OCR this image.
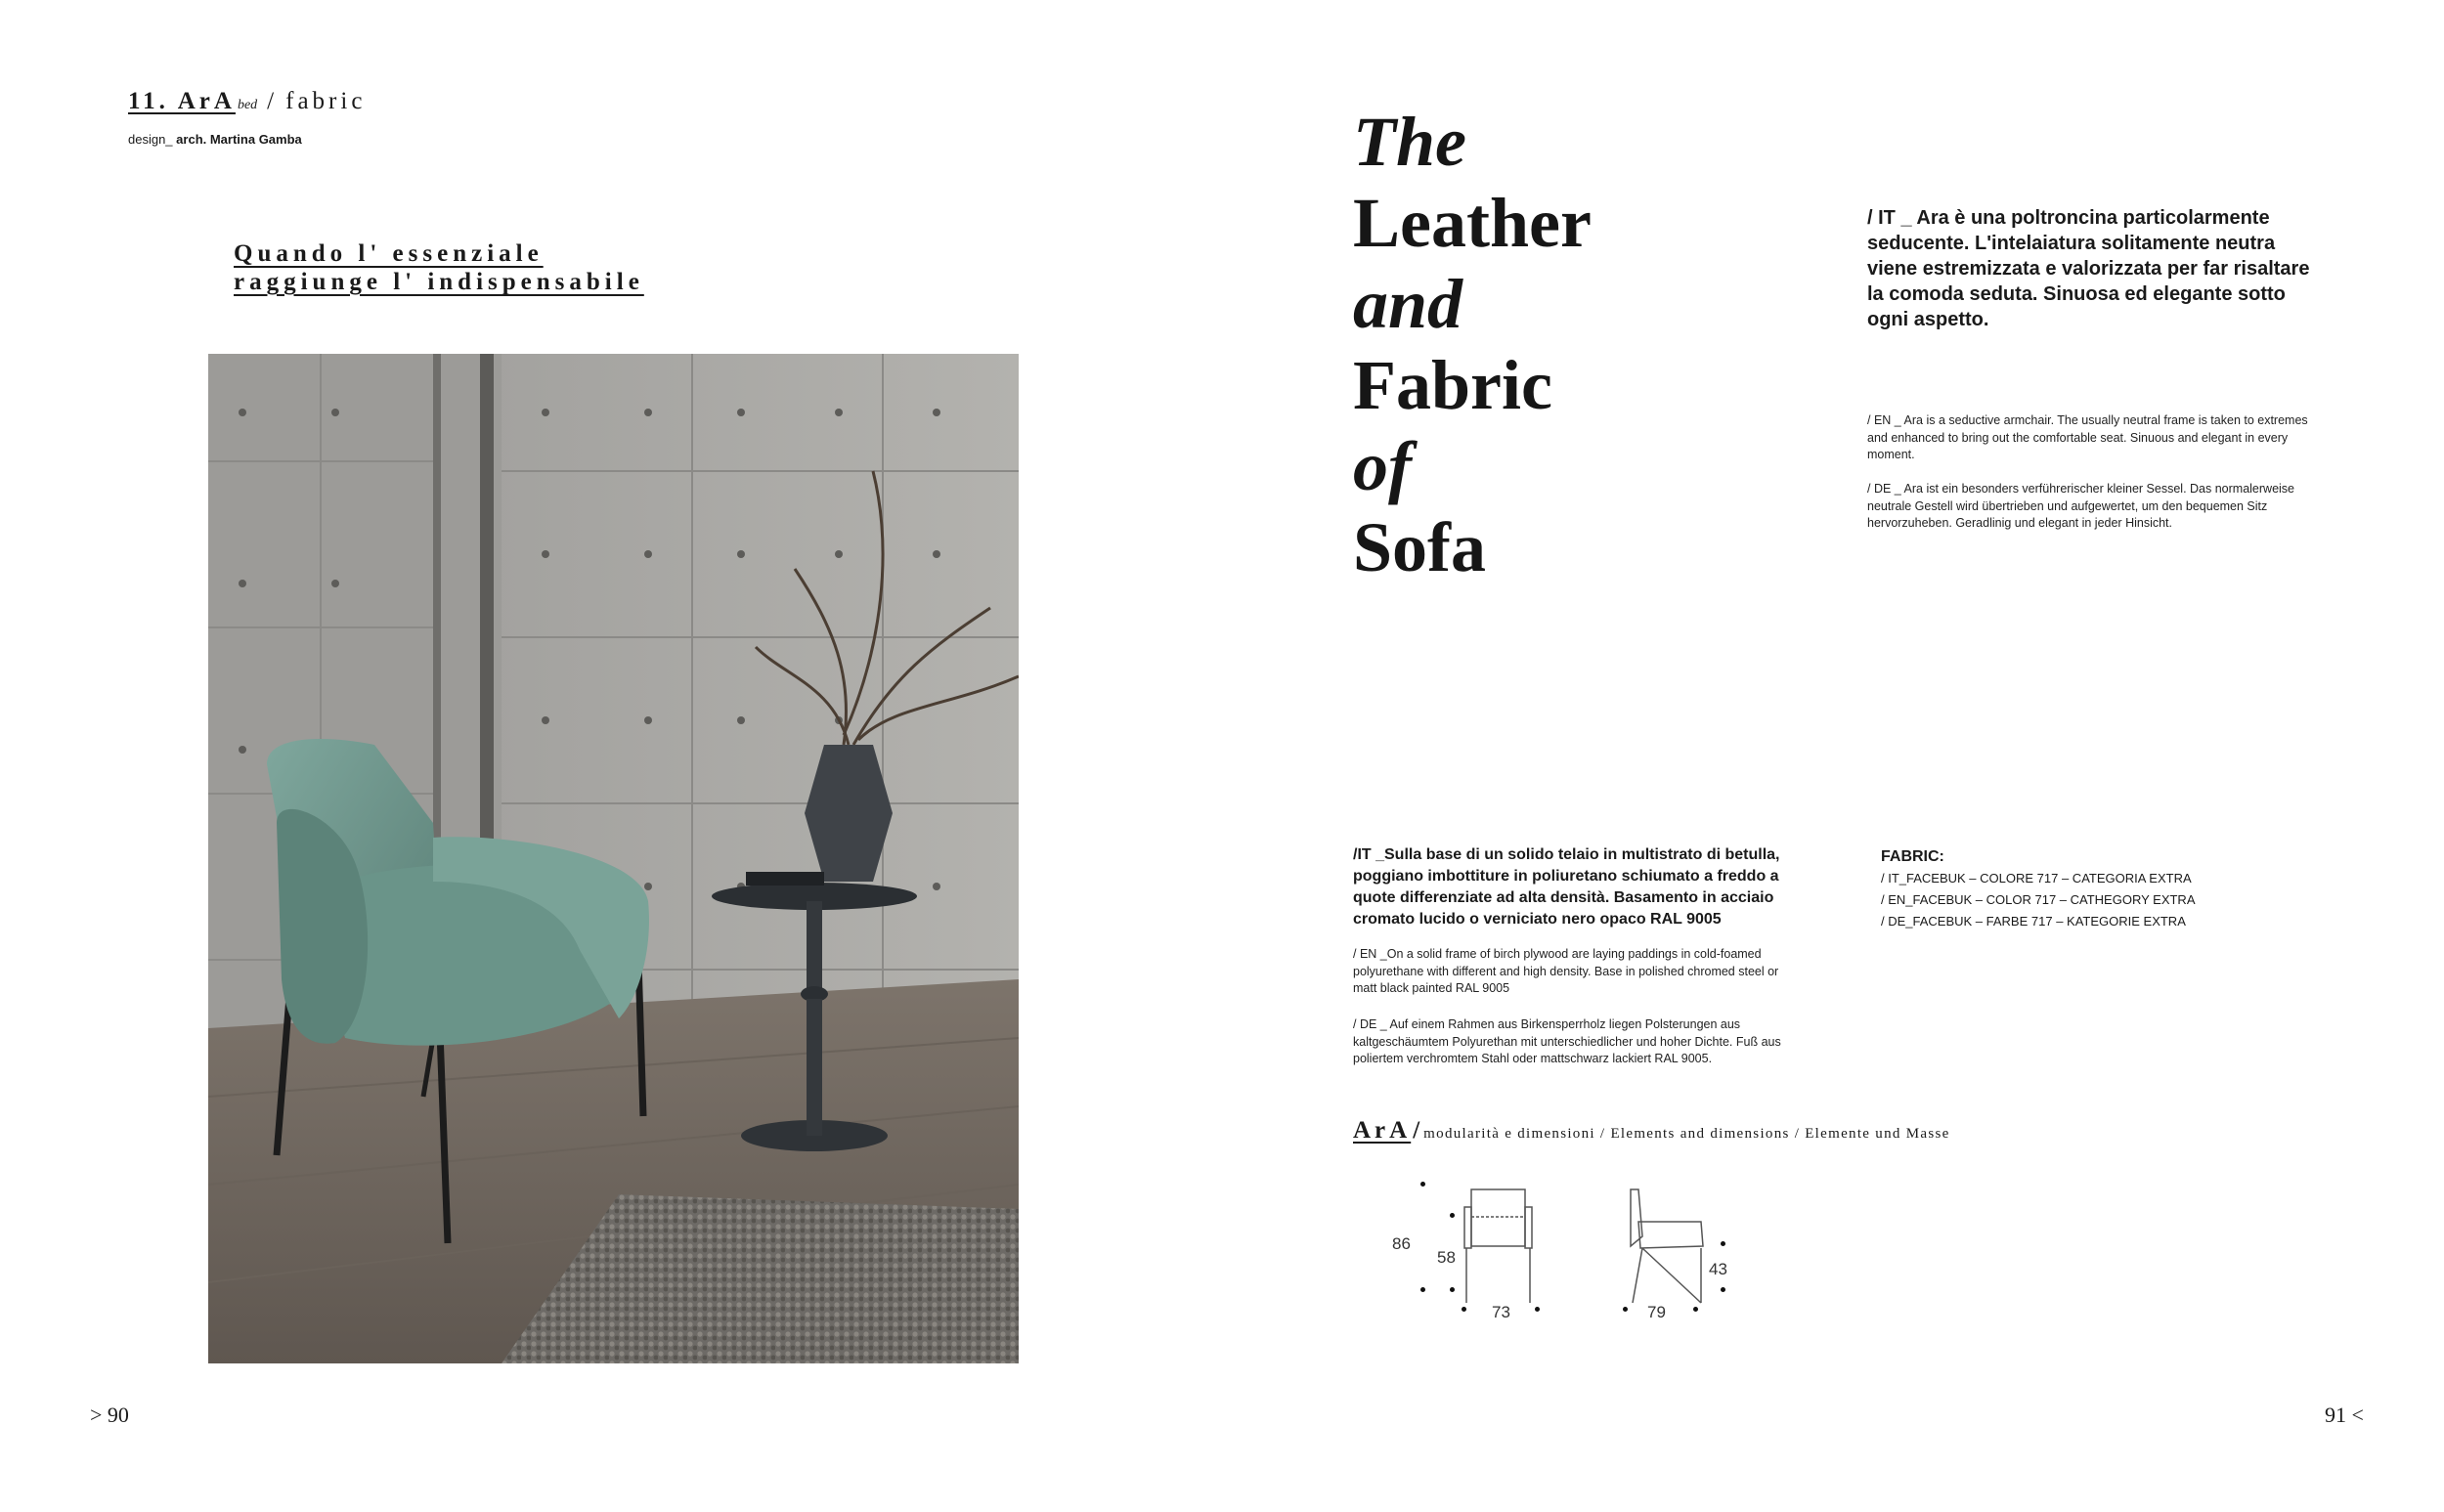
11. ArA bed / fabric
design_ arch. Martina Gamba
Quando l' essenziale
raggiunge l' indispensabile
> 90
The
Leather
and
Fabric
of
Sofa
/ IT _ Ara è una poltroncina particolarmente seducente. L'intelaiatura solitamente neutra viene estremizzata e valorizzata per far risaltare la comoda seduta. Sinuosa ed elegante sotto ogni aspetto.
/ EN _ Ara is a seductive armchair. The usually neutral frame is taken to extremes and enhanced to bring out the comfortable seat. Sinuous and elegant in every moment.
/ DE _ Ara ist ein besonders verführerischer kleiner Sessel. Das normalerweise neutrale Gestell wird übertrieben und aufgewertet, um den bequemen Sitz hervorzuheben. Geradlinig und elegant in jeder Hinsicht.
/IT _Sulla base di un solido telaio in multistrato di betulla, poggiano imbottiture in poliuretano schiumato a freddo a quote differenziate ad alta densità. Basamento in acciaio cromato lucido o verniciato nero opaco RAL 9005
/ EN _On a solid frame of birch plywood are laying paddings in cold-foamed polyurethane with different and high density. Base in polished chromed steel or matt black painted RAL 9005
/ DE _ Auf einem Rahmen aus Birkensperrholz liegen Polsterungen aus kaltgeschäumtem Polyurethan mit unterschiedlicher und hoher Dichte. Fuß aus poliertem verchromtem Stahl oder mattschwarz lackiert RAL 9005.
FABRIC:
/ IT_FACEBUK – COLORE 717 – CATEGORIA EXTRA
/ EN_FACEBUK – COLOR 717 – CATHEGORY EXTRA
/ DE_FACEBUK – FARBE 717 – KATEGORIE EXTRA
ArA/ modularità e dimensioni / Elements and dimensions / Elemente und Masse
86
58
73
43
79
91 <
